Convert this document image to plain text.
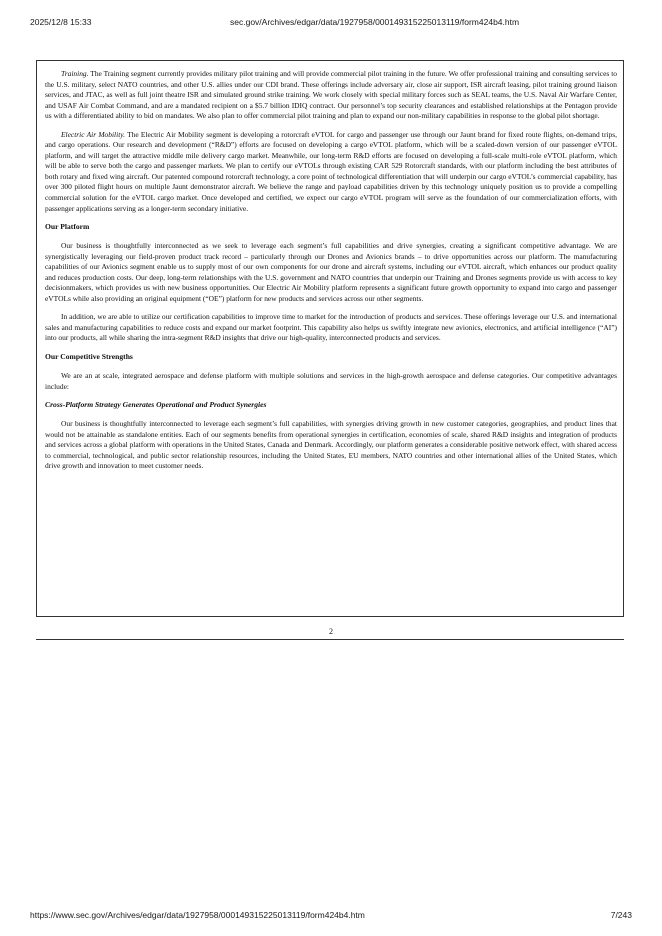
2025/12/8 15:33	sec.gov/Archives/edgar/data/1927958/000149315225013119/form424b4.htm

Training. The Training segment currently provides military pilot training and will provide commercial pilot training in the future. We offer professional training and consulting services to the U.S. military, select NATO countries, and other U.S. allies under our CDI brand. These offerings include adversary air, close air support, ISR aircraft leasing, pilot training ground liaison services, and JTAC, as well as full joint theatre ISR and simulated ground strike training. We work closely with special military forces such as SEAL teams, the U.S. Naval Air Warfare Center, and USAF Air Combat Command, and are a mandated recipient on a $5.7 billion IDIQ contract. Our personnel’s top security clearances and established relationships at the Pentagon provide us with a differentiated ability to bid on mandates. We also plan to offer commercial pilot training and plan to expand our non-military capabilities in response to the global pilot shortage.

Electric Air Mobility. The Electric Air Mobility segment is developing a rotorcraft eVTOL for cargo and passenger use through our Jaunt brand for fixed route flights, on-demand trips, and cargo operations. Our research and development (“R&D”) efforts are focused on developing a cargo eVTOL platform, which will be a scaled-down version of our passenger eVTOL platform, and will target the attractive middle mile delivery cargo market. Meanwhile, our long-term R&D efforts are focused on developing a full-scale multi-role eVTOL platform, which will be able to serve both the cargo and passenger markets. We plan to certify our eVTOLs through existing CAR 529 Rotorcraft standards, with our platform including the best attributes of both rotary and fixed wing aircraft. Our patented compound rotorcraft technology, a core point of technological differentiation that will underpin our cargo eVTOL’s commercial capability, has over 300 piloted flight hours on multiple Jaunt demonstrator aircraft. We believe the range and payload capabilities driven by this technology uniquely position us to provide a compelling commercial solution for the eVTOL cargo market. Once developed and certified, we expect our cargo eVTOL program will serve as the foundation of our commercialization efforts, with passenger applications serving as a longer-term secondary initiative.

Our Platform

Our business is thoughtfully interconnected as we seek to leverage each segment’s full capabilities and drive synergies, creating a significant competitive advantage. We are synergistically leveraging our field-proven product track record – particularly through our Drones and Avionics brands – to drive opportunities across our platform. The manufacturing capabilities of our Avionics segment enable us to supply most of our own components for our drone and aircraft systems, including our eVTOL aircraft, which enhances our product quality and reduces production costs. Our deep, long-term relationships with the U.S. government and NATO countries that underpin our Training and Drones segments provide us with access to key decisionmakers, which provides us with new business opportunities. Our Electric Air Mobility platform represents a significant future growth opportunity to expand into cargo and passenger eVTOLs while also providing an original equipment (“OE”) platform for new products and services across our other segments.

In addition, we are able to utilize our certification capabilities to improve time to market for the introduction of products and services. These offerings leverage our U.S. and international sales and manufacturing capabilities to reduce costs and expand our market footprint. This capability also helps us swiftly integrate new avionics, electronics, and artificial intelligence (“AI”) into our products, all while sharing the intra-segment R&D insights that drive our high-quality, interconnected products and services.

Our Competitive Strengths

We are an at scale, integrated aerospace and defense platform with multiple solutions and services in the high-growth aerospace and defense categories. Our competitive advantages include:

Cross-Platform Strategy Generates Operational and Product Synergies

Our business is thoughtfully interconnected to leverage each segment’s full capabilities, with synergies driving growth in new customer categories, geographies, and product lines that would not be attainable as standalone entities. Each of our segments benefits from operational synergies in certification, economies of scale, shared R&D insights and integration of products and services across a global platform with operations in the United States, Canada and Denmark. Accordingly, our platform generates a considerable positive network effect, with shared access to commercial, technological, and public sector relationship resources, including the United States, EU members, NATO countries and other international allies of the United States, which drive growth and innovation to meet customer needs.

2
https://www.sec.gov/Archives/edgar/data/1927958/000149315225013119/form424b4.htm	7/243
